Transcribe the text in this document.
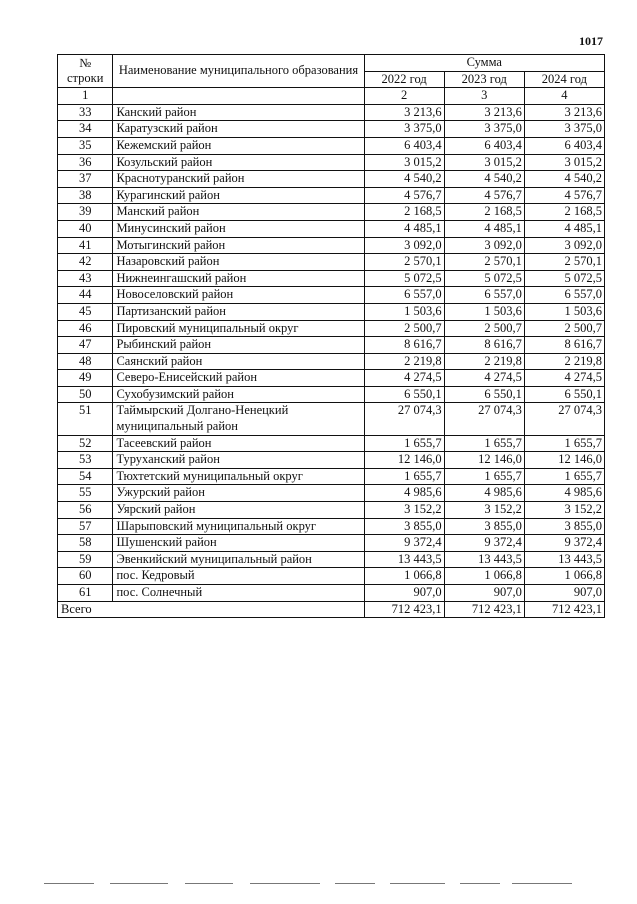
1017
№ строки	Наименование муниципального образования	Сумма		
		2022 год	2023 год	2024 год
1		2	3	4
33	Канский район	3 213,6	3 213,6	3 213,6
34	Каратузский район	3 375,0	3 375,0	3 375,0
35	Кежемский район	6 403,4	6 403,4	6 403,4
36	Козульский район	3 015,2	3 015,2	3 015,2
37	Краснотуранский район	4 540,2	4 540,2	4 540,2
38	Курагинский район	4 576,7	4 576,7	4 576,7
39	Манский район	2 168,5	2 168,5	2 168,5
40	Минусинский район	4 485,1	4 485,1	4 485,1
41	Мотыгинский район	3 092,0	3 092,0	3 092,0
42	Назаровский район	2 570,1	2 570,1	2 570,1
43	Нижнеингашский район	5 072,5	5 072,5	5 072,5
44	Новоселовский район	6 557,0	6 557,0	6 557,0
45	Партизанский район	1 503,6	1 503,6	1 503,6
46	Пировский муниципальный округ	2 500,7	2 500,7	2 500,7
47	Рыбинский район	8 616,7	8 616,7	8 616,7
48	Саянский район	2 219,8	2 219,8	2 219,8
49	Северо-Енисейский район	4 274,5	4 274,5	4 274,5
50	Сухобузимский район	6 550,1	6 550,1	6 550,1
51	Таймырский Долгано-Ненецкий муниципальный район	27 074,3	27 074,3	27 074,3
52	Тасеевский район	1 655,7	1 655,7	1 655,7
53	Туруханский район	12 146,0	12 146,0	12 146,0
54	Тюхтетский муниципальный округ	1 655,7	1 655,7	1 655,7
55	Ужурский район	4 985,6	4 985,6	4 985,6
56	Уярский район	3 152,2	3 152,2	3 152,2
57	Шарыповский муниципальный округ	3 855,0	3 855,0	3 855,0
58	Шушенский район	9 372,4	9 372,4	9 372,4
59	Эвенкийский муниципальный район	13 443,5	13 443,5	13 443,5
60	пос. Кедровый	1 066,8	1 066,8	1 066,8
61	пос. Солнечный	907,0	907,0	907,0
Всего		712 423,1	712 423,1	712 423,1
